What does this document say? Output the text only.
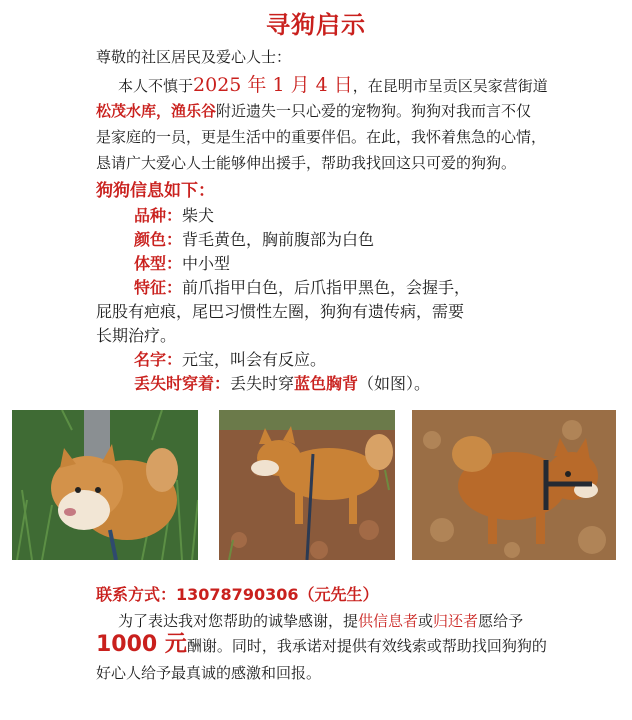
寻狗启示
尊敬的社区居民及爱心人士：
本人不慎于2025 年 1 月 4 日，在昆明市呈贡区吴家营街道
松茂水库，渔乐谷附近遗失一只心爱的宠物狗。狗狗对我而言不仅
是家庭的一员，更是生活中的重要伴侣。在此，我怀着焦急的心情，
恳请广大爱心人士能够伸出援手，帮助我找回这只可爱的狗狗。
狗狗信息如下：
品种：柴犬
颜色：背毛黄色，胸前腹部为白色
体型：中小型
特征：前爪指甲白色，后爪指甲黑色，会握手，
屁股有疤痕，尾巴习惯性左圈，狗狗有遗传病，需要
长期治疗。
名字：元宝，叫会有反应。
丢失时穿着：丢失时穿蓝色胸背（如图）。
联系方式：13078790306（元先生）
为了表达我对您帮助的诚挚感谢，提供信息者或归还者愿给予
1000 元酬谢。同时，我承诺对提供有效线索或帮助找回狗狗的
好心人给予最真诚的感激和回报。
